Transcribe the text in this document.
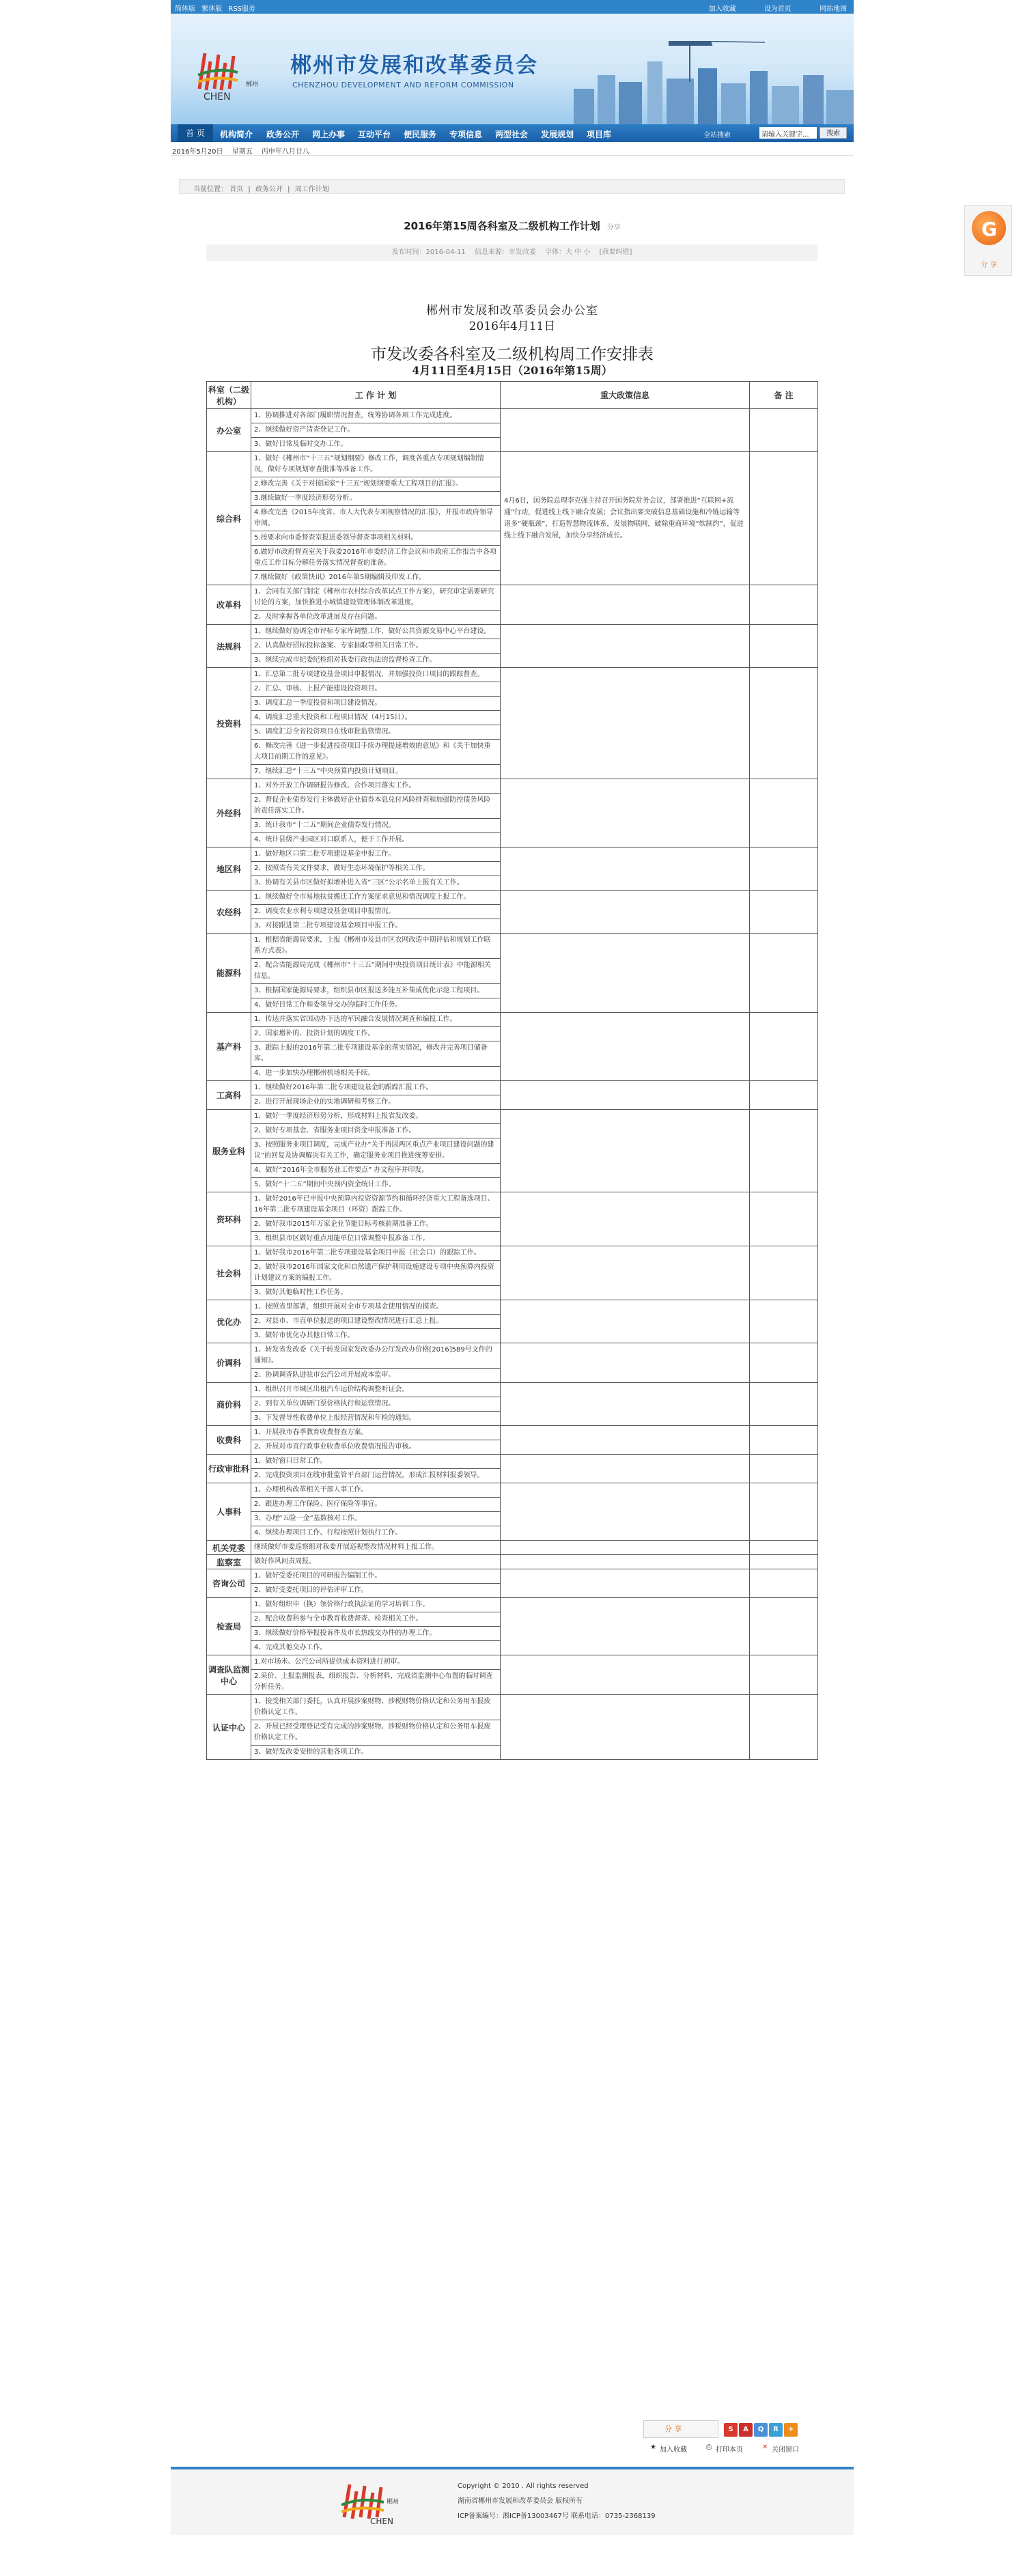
简体版 繁体版 RSS服务	加入收藏	设为首页	网站地图
郴州
CHEN
郴州市发展和改革委员会
CHENZHOU DEVELOPMENT AND REFORM COMMISSION
首 页	机构简介 政务公开 网上办事 互动平台 便民服务 专项信息 两型社会 发展规划 项目库	全站搜索	请输入关键字...	搜索
2016年5月20日 星期五 丙申年八月廿八
当前位置： 首页 | 政务公开 | 周工作计划
G
分 享
2016年第15周各科室及二级机构工作计划 分享
发布时间：2016-04-11 信息来源：市发改委 字体：大 中 小 [我要纠错]
郴州市发展和改革委员会办公室
2016年4月11日
市发改委各科室及二级机构周工作安排表
4月11日至4月15日（2016年第15周）
科室（二级机构）	工 作 计 划	重大政策信息	备 注
办公室	1、协调推进对各部门履职情况督查，统筹协调各项工作完成进度。		
	2、继续做好资产清查登记工作。		
	3、做好日常及临时交办工作。		
综合科	1、做好《郴州市“十三五”规划纲要》修改工作，调度各重点专项规划编制情况，做好专项规划审查批准等准备工作。	4月6日，国务院总理李克强主持召开国务院常务会议，部署推进“互联网+流通”行动，促进线上线下融合发展；会议指出要突破信息基础设施和冷链运输等诸多“硬瓶颈”，打造智慧物流体系，发展物联网，破除重商环境“软制约”，促进线上线下融合发展，加快分享经济成长。	
	2.修改完善《关于对接国家“十三五”规划纲要重大工程项目的汇报》。		
	3.继续做好一季度经济形势分析。		
	4.修改完善《2015年度省、市人大代表专项视察情况的汇报》，并报市政府领导审阅。		
	5.按要求向市委督查室报送委领导督查事项相关材料。		
	6.做好市政府督查室关于我委2016年市委经济工作会议和市政府工作报告中各项重点工作目标分解任务落实情况督查的准备。		
	7.继续做好《政策快讯》2016年第5期编辑及印发工作。		
改革科	1、会同有关部门制定《郴州市农村综合改革试点工作方案》，研究审定需要研究讨论的方案，加快推进小城镇建设管理体制改革进度。		
	2、及时掌握各单位改革进展及存在问题。		
法规科	1、继续做好协调全市评标专家库调整工作，做好公共资源交易中心平台建设。		
	2、认真做好招标投标备案、专家抽取等相关日常工作。		
	3、继续完成市纪委纪检组对我委行政执法的监督检查工作。		
投资科	1、汇总第二批专项建设基金项目申报情况，并加强投资口项目的跟踪督查。		
	2、汇总、审核、上报产能建设投资项目。		
	3、调度汇总一季度投资和项目建设情况。		
	4、调度汇总重大投资和工程项目情况（4月15日）。		
	5、调度汇总全省投资项目在线审批监管情况。		
	6、修改完善《进一步促进投资项目手续办理提速增效的意见》和《关于加快重大项目前期工作的意见》。		
	7、继续汇总“十三五”中央预算内投资计划项目。		
外经科	1、对外开放工作调研报告修改、合作项目落实工作。		
	2、督促企业债券发行主体做好企业债券本息兑付风险排查和加强防控债务风险的责任落实工作。		
	3、统计我市“十二五”期间企业债券发行情况。		
	4、统计县级产业园区对口联系人，便于工作开展。		
地区科	1、做好地区口第二批专项建设基金申报工作。		
	2、按照省有关文件要求，做好生态环境保护等相关工作。		
	3、协调有关县市区做好拟增补进入省“三区”公示名单上报有关工作。		
农经科	1、继续做好全市易地扶贫搬迁工作方案征求意见和情况调度上报工作。		
	2、调度农业水利专项建设基金项目申报情况。		
	3、对接跟进第二批专项建设基金项目申报工作。		
能源科	1、根据省能源局要求，上报《郴州市及县市区农网改造中期评估和规划工作联系方式表》。		
	2、配合省能源局完成《郴州市“十三五”期间中央投资项目统计表》中能源相关信息。		
	3、根据国家能源局要求，组织县市区报送多能互补集成优化示范工程项目。		
	4、做好日常工作和委领导交办的临时工作任务。		
基产科	1、传达并落实省国动办下达的军民融合发展情况调查和编报工作。		
	2、国家增补的、投资计划的调度工作。		
	3、跟踪上报的2016年第二批专项建设基金的落实情况，修改并完善项目储备库。		
	4、进一步加快办理郴州机场相关手续。		
工高科	1、继续做好2016年第二批专项建设基金的跟踪汇报工作。		
	2、进行开展现场企业的实地调研和考察工作。		
服务业科	1、做好一季度经济形势分析，形成材料上报省发改委。		
	2、做好专项基金、省服务业项目资金申报准备工作。		
	3、按照服务业项目调度，完成产业办“关于再因两区重点产业项目建设问题的建议”的回复及协调解决有关工作，确定服务业项目推进统筹安排。		
	4、做好“2016年全市服务业工作要点” 办文程序并印发。		
	5、做好“十二五”期间中央预内资金统计工作。		
资环科	1、做好2016年已申报中央预算内投资资源节约和循环经济重大工程备选项目、16年第二批专项建设基金项目（环资）跟踪工作。		
	2、做好我市2015年万家企业节能目标考核前期准备工作。		
	3、组织县市区做好重点用能单位日常调整申报准备工作。		
社会科	1、做好我市2016年第二批专项建设基金项目申报（社会口）的跟踪工作。		
	2、做好我市2016年国家文化和自然遗产保护利用设施建设专项中央预算内投资计划建议方案的编报工作。		
	3、做好其他临时性工作任务。		
优化办	1、按照省里部署，组织开展对全市专项基金使用情况的摸查。		
	2、对县市、市直单位报送的项目建设整改情况进行汇总上报。		
	3、做好市优化办其他日常工作。		
价调科	1、转发省发改委《关于转发国家发改委办公厅发改办价格[2016]589号文件的通知》。		
	2、协调调查队进驻市公汽公司开展成本监审。		
商价科	1、组织召开市城区出租汽车运价结构调整听证会。		
	2、到有关单位调研门票价格执行和运营情况。		
	3、下发督导性收费单位上报经营情况和年检的通知。		
收费科	1、开展我市春季教育收费督查方案。		
	2、开展对市直行政事业收费单位收费情况报告审核。		
行政审批科	1、做好窗口日常工作。		
	2、完成投资项目在线审批监管平台部门运营情况，形成汇报材料报委领导。		
人事科	1、办理机构改革相关干部人事工作。		
	2、跟进办理工作保险、医疗保险等事宜。		
	3、办理“五险一金”基数核对工作。		
	4、继续办理项目工作、行程按照计划执行工作。		
机关党委	继续做好市委巡察组对我委开展巡视整改情况材料上报工作。		
监察室	做好作风问责周报。		
咨询公司	1、做好受委托项目的可研报告编制工作。		
	2、做好受委托项目的评估评审工作。		
检查局	1、做好组织申（换）领价格行政执法证的学习培训工作。		
	2、配合收费科参与全市教育收费督查、检查相关工作。		
	3、继续做好价格举报投诉件及市长热线交办件的办理工作。		
	4、完成其他交办工作。		
调查队监测中心	1.对市场米、公汽公司所提供成本资料进行初审。		
	2.采价、上报监测报表，组织报告、分析材料，完成省监测中心布置的临时调查分析任务。		
认证中心	1、接受相关部门委托，认真开展涉案财物、涉税财物价格认定和公务用车报废价格认定工作。		
	2、开展已经受理登记受有完成的涉案财物、涉税财物价格认定和公务用车报废价格认定工作。		
	3、做好发改委安排的其他各项工作。		
分 享	S	A	Q	R	+
★ 加入收藏	⎙ 打印本页	✕ 关闭窗口
郴州
CHEN
Copyright © 2010 . All rights reserved
湖南省郴州市发展和改革委员会 版权所有
ICP备案编号：湘ICP备13003467号 联系电话：0735-2368139
